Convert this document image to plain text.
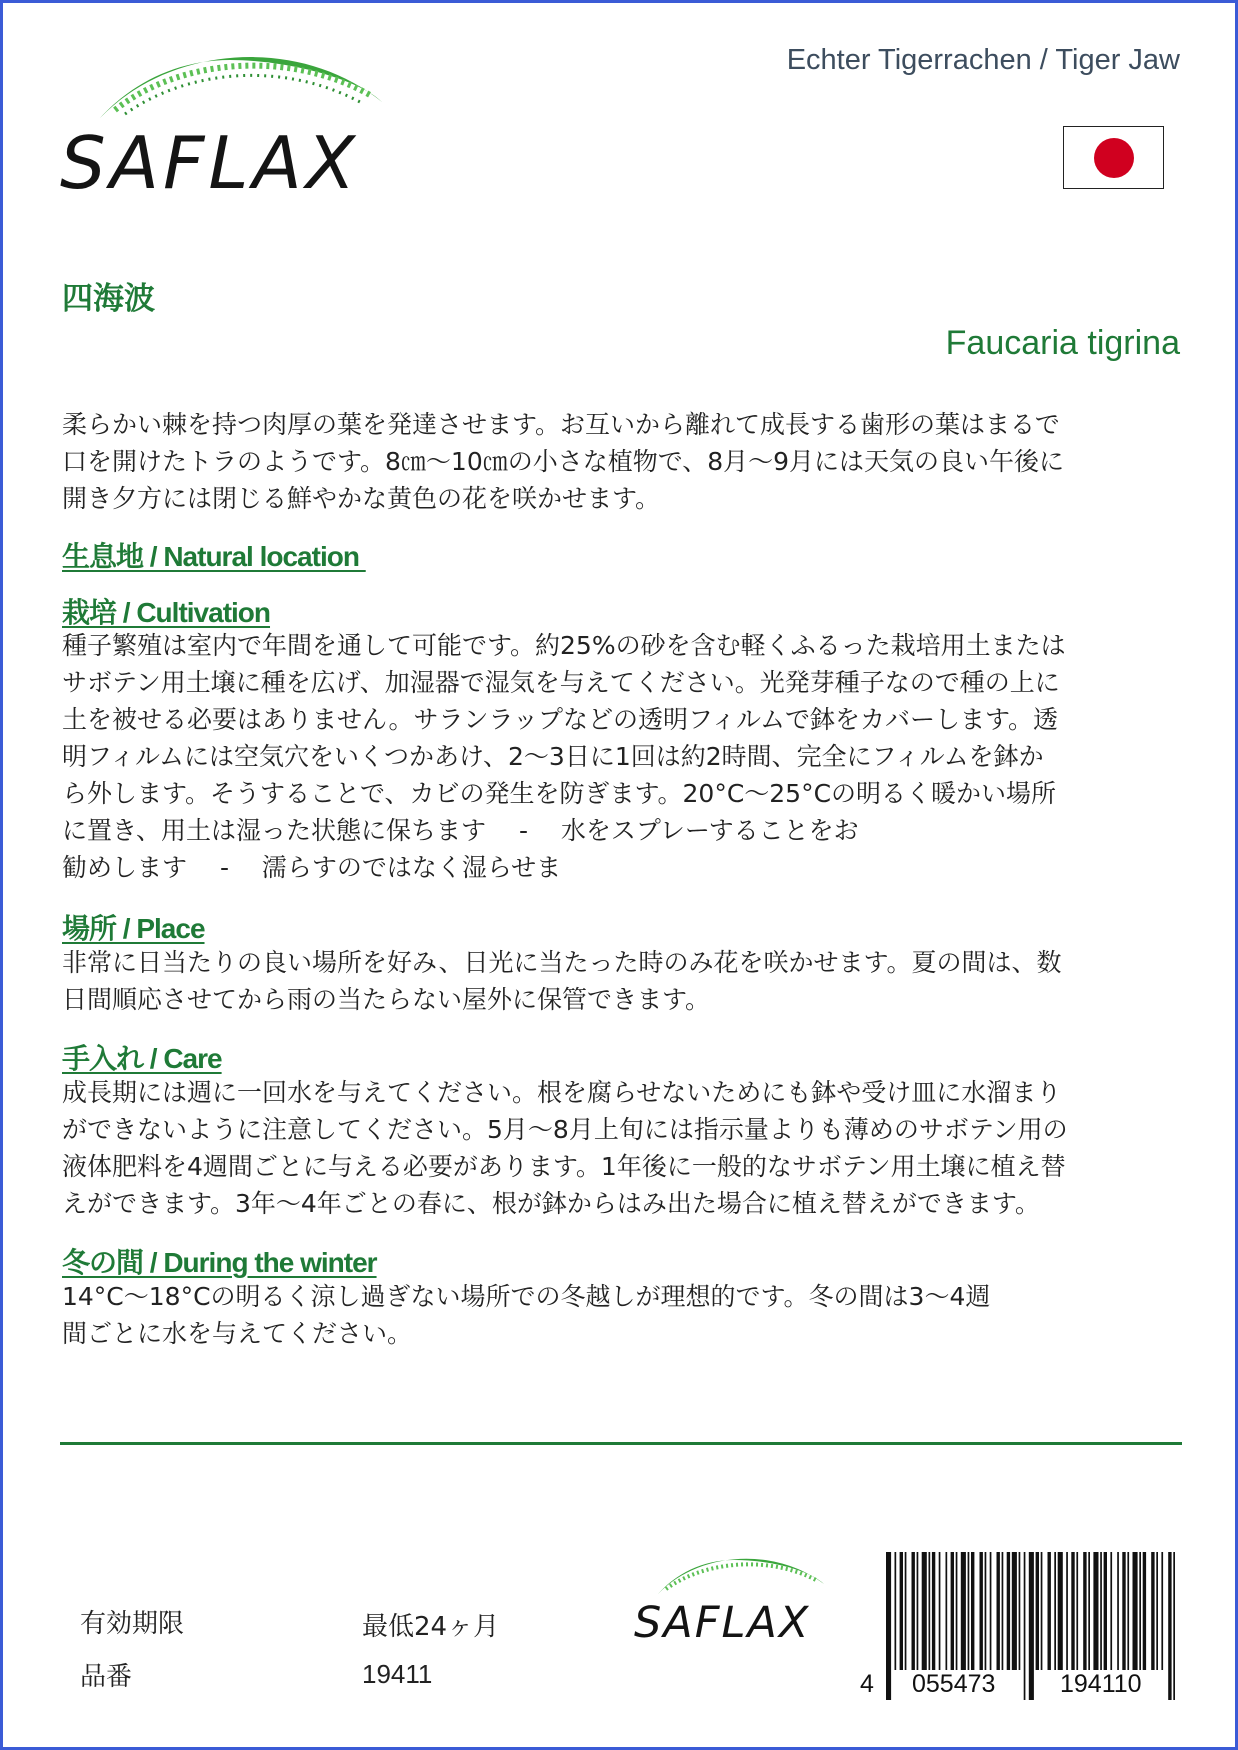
SAFLAX
Echter Tigerrachen / Tiger Jaw
四海波
Faucaria tigrina
柔らかい棘を持つ肉厚の葉を発達させます。お互いから離れて成長する歯形の葉はまるで
口を開けたトラのようです。8㎝～10㎝の小さな植物で、8月～9月には天気の良い午後に
開き夕方には閉じる鮮やかな黄色の花を咲かせます。
生息地 / Natural location
栽培 / Cultivation
種子繁殖は室内で年間を通して可能です。約25%の砂を含む軽くふるった栽培用土または
サボテン用土壌に種を広げ、加湿器で湿気を与えてください。光発芽種子なので種の上に
土を被せる必要はありません。サランラップなどの透明フィルムで鉢をカバーします。透
明フィルムには空気穴をいくつかあけ、2～3日に1回は約2時間、完全にフィルムを鉢か
ら外します。そうすることで、カビの発生を防ぎます。20°C〜25°Cの明るく暖かい場所
に置き、用土は湿った状態に保ちます　 -　 水をスプレーすることをお
勧めします　 -　 濡らすのではなく湿らせま
場所 / Place
非常に日当たりの良い場所を好み、日光に当たった時のみ花を咲かせます。夏の間は、数
日間順応させてから雨の当たらない屋外に保管できます。
手入れ / Care
成長期には週に一回水を与えてください。根を腐らせないためにも鉢や受け皿に水溜まり
ができないように注意してください。5月～8月上旬には指示量よりも薄めのサボテン用の
液体肥料を4週間ごとに与える必要があります。1年後に一般的なサボテン用土壌に植え替
えができます。3年～4年ごとの春に、根が鉢からはみ出た場合に植え替えができます。
冬の間 / During the winter
14°C～18°Cの明るく涼し過ぎない場所での冬越しが理想的です。冬の間は3～4週
間ごとに水を与えてください。
有効期限	最低24ヶ月
品番	19411
SAFLAX
4 055473	194110
